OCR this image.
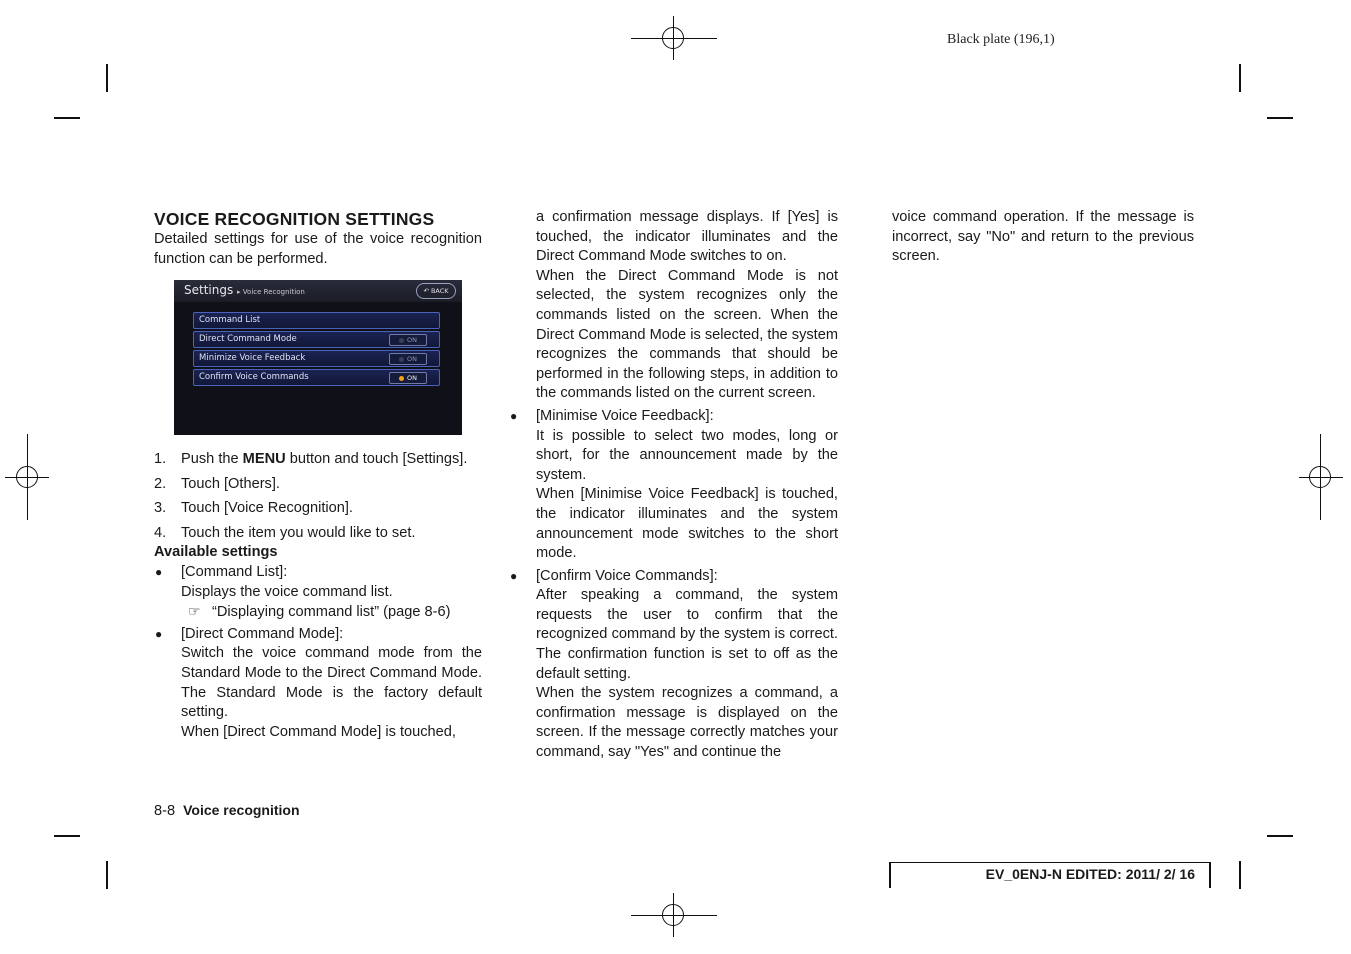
Black plate (196,1)

VOICE RECOGNITION SETTINGS

Detailed settings for use of the voice recognition function can be performed.

Settings ▸ Voice Recognition	↶ BACK
Command List
Direct Command Mode	ON
Minimize Voice Feedback	ON
Confirm Voice Commands	ON
1. Push the MENU button and touch [Settings].
2. Touch [Others].
3. Touch [Voice Recognition].
4. Touch the item you would like to set.

Available settings

● [Command List]:

Displays the voice command list.

☞ “Displaying command list” (page 8-6)

● [Direct Command Mode]:

Switch the voice command mode from the Standard Mode to the Direct Command Mode. The Standard Mode is the factory default setting.

When [Direct Command Mode] is touched,

a confirmation message displays. If [Yes] is touched, the indicator illuminates and the Direct Command Mode switches to on.

When the Direct Command Mode is not selected, the system recognizes only the commands listed on the screen. When the Direct Command Mode is selected, the system recognizes the commands that should be performed in the following steps, in addition to the commands listed on the current screen.

● [Minimise Voice Feedback]:

It is possible to select two modes, long or short, for the announcement made by the system.

When [Minimise Voice Feedback] is touched, the indicator illuminates and the system announcement mode switches to the short mode.

● [Confirm Voice Commands]:

After speaking a command, the system requests the user to confirm that the recognized command by the system is correct. The confirmation function is set to off as the default setting.

When the system recognizes a command, a confirmation message is displayed on the screen. If the message correctly matches your command, say "Yes" and continue the

voice command operation. If the message is incorrect, say "No" and return to the previous screen.

8-8 Voice recognition
EV_0ENJ-N EDITED: 2011/ 2/ 16
